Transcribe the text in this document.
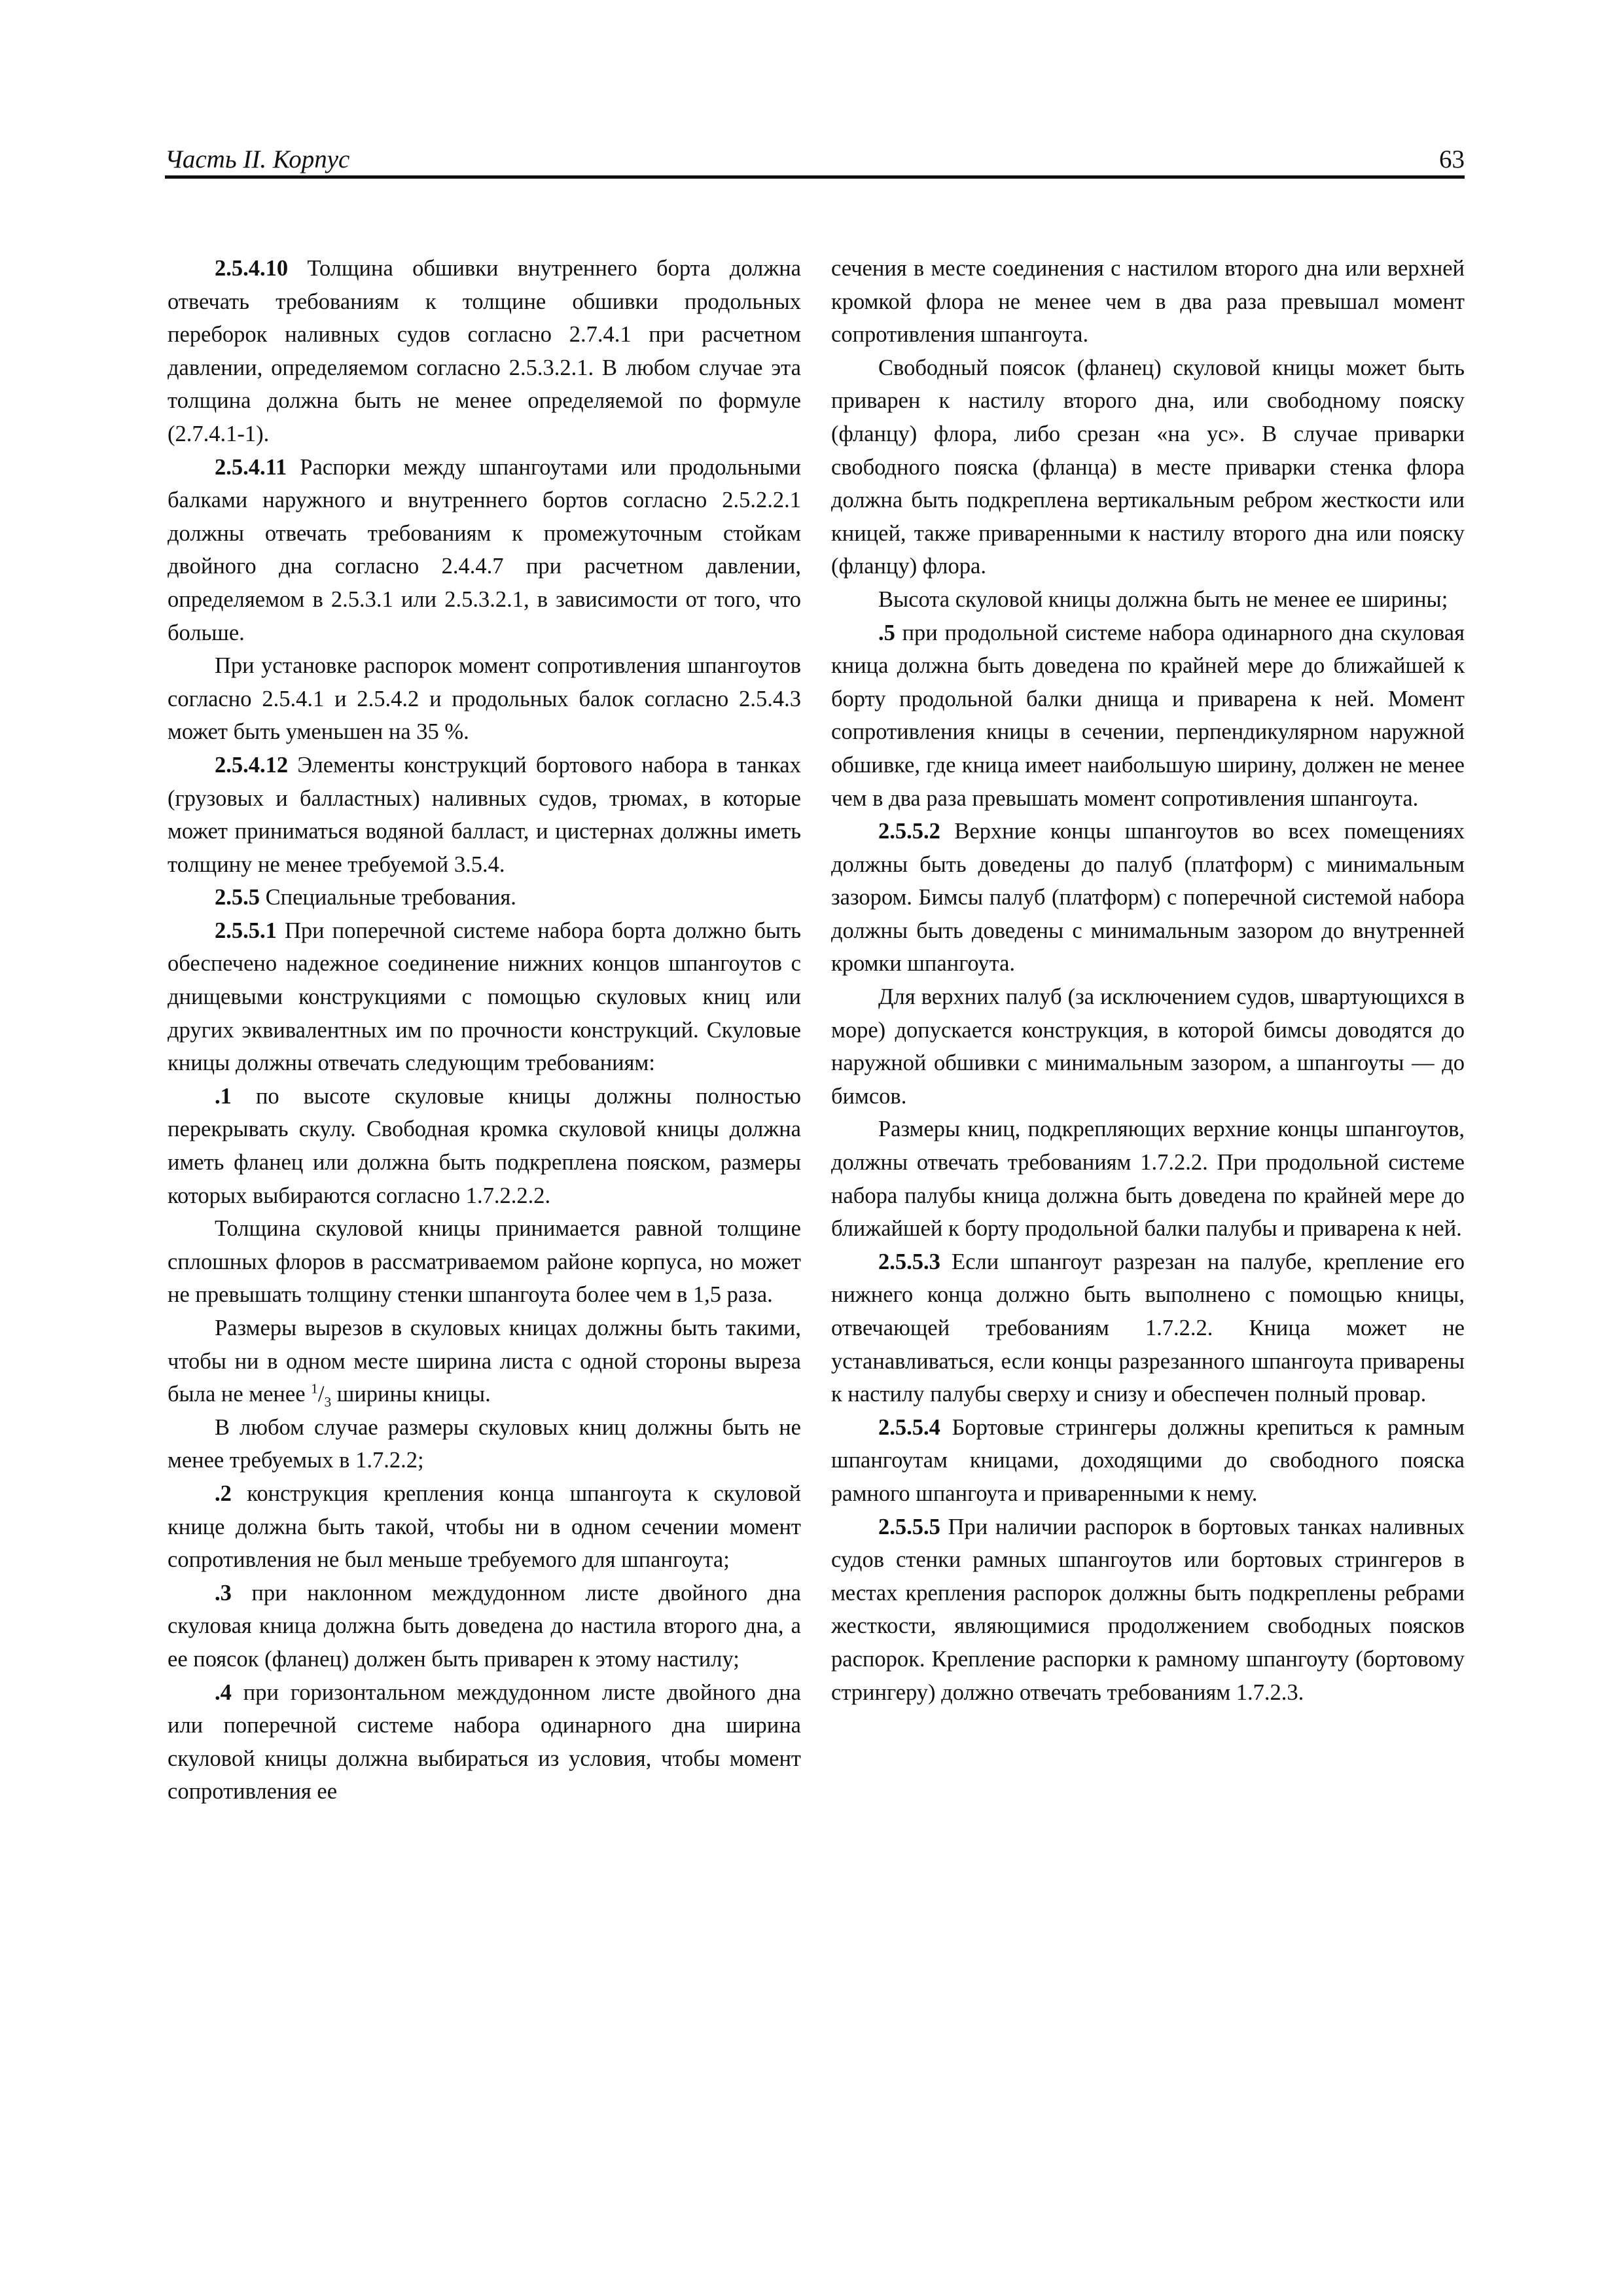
Часть II. Корпус	63

2.5.4.10 Толщина обшивки внутреннего борта должна отвечать требованиям к толщине обшивки продольных переборок наливных судов согласно 2.7.4.1 при расчетном давлении, определяемом согласно 2.5.3.2.1. В любом случае эта толщина должна быть не менее определяемой по формуле (2.7.4.1-1).

2.5.4.11 Распорки между шпангоутами или продольными балками наружного и внутреннего бортов согласно 2.5.2.2.1 должны отвечать требованиям к промежуточным стойкам двойного дна согласно 2.4.4.7 при расчетном давлении, определяемом в 2.5.3.1 или 2.5.3.2.1, в зависимости от того, что больше.

При установке распорок момент сопротивления шпангоутов согласно 2.5.4.1 и 2.5.4.2 и продольных балок согласно 2.5.4.3 может быть уменьшен на 35 %.

2.5.4.12 Элементы конструкций бортового набора в танках (грузовых и балластных) наливных судов, трюмах, в которые может приниматься водяной балласт, и цистернах должны иметь толщину не менее требуемой 3.5.4.

2.5.5 Специальные требования.

2.5.5.1 При поперечной системе набора борта должно быть обеспечено надежное соединение нижних концов шпангоутов с днищевыми конструкциями с помощью скуловых книц или других эквивалентных им по прочности конструкций. Скуловые кницы должны отвечать следующим требованиям:

.1 по высоте скуловые кницы должны полностью перекрывать скулу. Свободная кромка скуловой кницы должна иметь фланец или должна быть подкреплена пояском, размеры которых выбираются согласно 1.7.2.2.2.

Толщина скуловой кницы принимается равной толщине сплошных флоров в рассматриваемом районе корпуса, но может не превышать толщину стенки шпангоута более чем в 1,5 раза.

Размеры вырезов в скуловых кницах должны быть такими, чтобы ни в одном месте ширина листа с одной стороны выреза была не менее $^1/_3$ ширины кницы.

В любом случае размеры скуловых книц должны быть не менее требуемых в 1.7.2.2;

.2 конструкция крепления конца шпангоута к скуловой книце должна быть такой, чтобы ни в одном сечении момент сопротивления не был меньше требуемого для шпангоута;

.3 при наклонном междудонном листе двойного дна скуловая кница должна быть доведена до настила второго дна, а ее поясок (фланец) должен быть приварен к этому настилу;

.4 при горизонтальном междудонном листе двойного дна или поперечной системе набора одинарного дна ширина скуловой кницы должна выбираться из условия, чтобы момент сопротивления ее

сечения в месте соединения с настилом второго дна или верхней кромкой флора не менее чем в два раза превышал момент сопротивления шпангоута.

Свободный поясок (фланец) скуловой кницы может быть приварен к настилу второго дна, или свободному пояску (фланцу) флора, либо срезан «на ус». В случае приварки свободного пояска (фланца) в месте приварки стенка флора должна быть подкреплена вертикальным ребром жесткости или кницей, также приваренными к настилу второго дна или пояску (фланцу) флора.

Высота скуловой кницы должна быть не менее ее ширины;

.5 при продольной системе набора одинарного дна скуловая кница должна быть доведена по крайней мере до ближайшей к борту продольной балки днища и приварена к ней. Момент сопротивления кницы в сечении, перпендикулярном наружной обшивке, где кница имеет наибольшую ширину, должен не менее чем в два раза превышать момент сопротивления шпангоута.

2.5.5.2 Верхние концы шпангоутов во всех помещениях должны быть доведены до палуб (платформ) с минимальным зазором. Бимсы палуб (платформ) с поперечной системой набора должны быть доведены с минимальным зазором до внутренней кромки шпангоута.

Для верхних палуб (за исключением судов, швартующихся в море) допускается конструкция, в которой бимсы доводятся до наружной обшивки с минимальным зазором, а шпангоуты — до бимсов.

Размеры книц, подкрепляющих верхние концы шпангоутов, должны отвечать требованиям 1.7.2.2. При продольной системе набора палубы кница должна быть доведена по крайней мере до ближайшей к борту продольной балки палубы и приварена к ней.

2.5.5.3 Если шпангоут разрезан на палубе, крепление его нижнего конца должно быть выполнено с помощью кницы, отвечающей требованиям 1.7.2.2. Кница может не устанавливаться, если концы разрезанного шпангоута приварены к настилу палубы сверху и снизу и обеспечен полный провар.

2.5.5.4 Бортовые стрингеры должны крепиться к рамным шпангоутам кницами, доходящими до свободного пояска рамного шпангоута и приваренными к нему.

2.5.5.5 При наличии распорок в бортовых танках наливных судов стенки рамных шпангоутов или бортовых стрингеров в местах крепления распорок должны быть подкреплены ребрами жесткости, являющимися продолжением свободных поясков распорок. Крепление распорки к рамному шпангоуту (бортовому стрингеру) должно отвечать требованиям 1.7.2.3.
